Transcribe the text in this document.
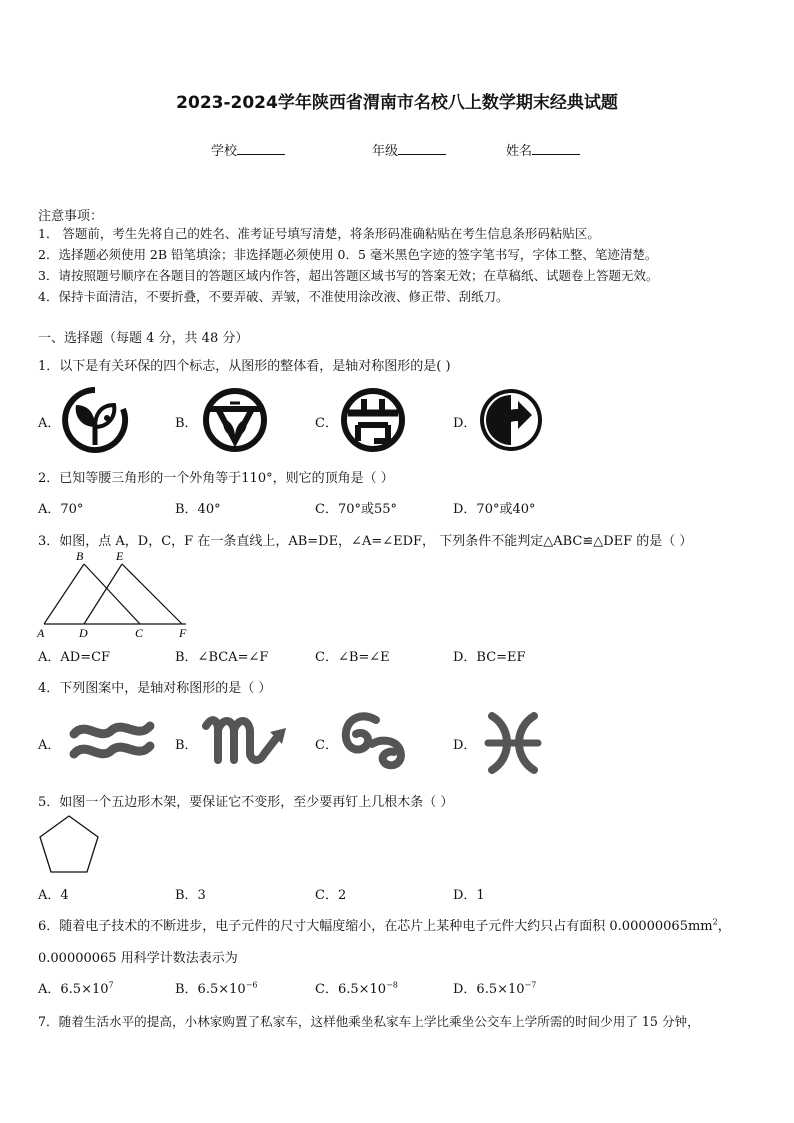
2023-2024学年陕西省渭南市名校八上数学期末经典试题
学校	年级	姓名
注意事项：
1． 答题前，考生先将自己的姓名、准考证号填写清楚，将条形码准确粘贴在考生信息条形码粘贴区。
2．选择题必须使用 2B 铅笔填涂；非选择题必须使用 0．5 毫米黑色字迹的签字笔书写，字体工整、笔迹清楚。
3．请按照题号顺序在各题目的答题区域内作答，超出答题区域书写的答案无效；在草稿纸、试题卷上答题无效。
4．保持卡面清洁，不要折叠，不要弄破、弄皱，不准使用涂改液、修正带、刮纸刀。
一、选择题（每题 4 分，共 48 分）
1．以下是有关环保的四个标志，从图形的整体看，是轴对称图形的是( )
A．	B．	C．	D．
2．已知等腰三角形的一个外角等于110°，则它的顶角是（ ）
A．70°	B．40°	C．70°或55°	D．70°或40°
3．如图，点 A，D，C，F 在一条直线上，AB=DE，∠A=∠EDF， 下列条件不能判定△ABC≌△DEF 的是（ ）
B	E
A	D	C	F
A．AD=CF	B．∠BCA=∠F	C．∠B=∠E	D．BC=EF
4．下列图案中，是轴对称图形的是（ ）
A．	B．	C．	D．
5．如图一个五边形木架，要保证它不变形，至少要再钉上几根木条（ ）
A．4	B．3	C．2	D．1
6．随着电子技术的不断进步，电子元件的尺寸大幅度缩小，在芯片上某种电子元件大约只占有面积 $0.00000065mm^2$，
0.00000065 用科学计数法表示为
A．$6.5\times 10^7$	B．$6.5\times 10^{-6}$	C．$6.5\times 10^{-8}$	D．$6.5\times 10^{-7}$
7．随着生活水平的提高，小林家购置了私家车，这样他乘坐私家车上学比乘坐公交车上学所需的时间少用了 15 分钟，
